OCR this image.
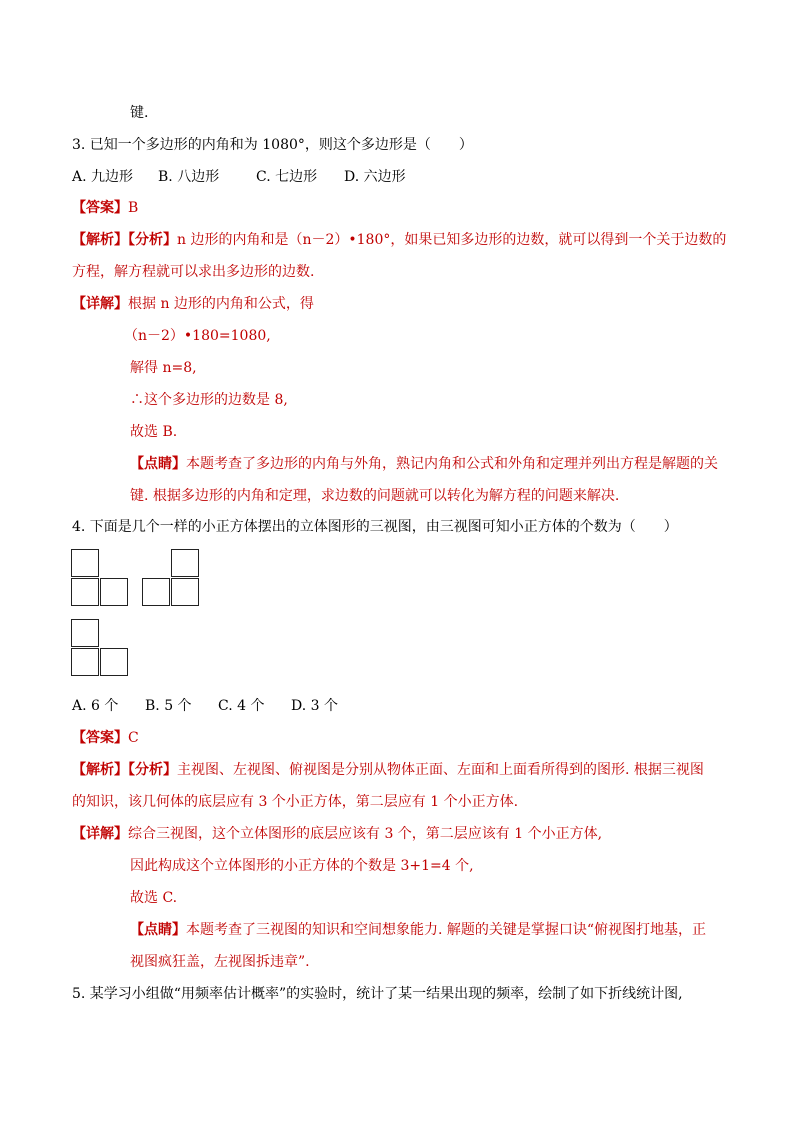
键.
3. 已知一个多边形的内角和为 1080°，则这个多边形是（　　）
A. 九边形 B. 八边形	C. 七边形 D. 六边形
【答案】B
【解析】【分析】n 边形的内角和是（n－2）•180°，如果已知多边形的边数，就可以得到一个关于边数的
方程，解方程就可以求出多边形的边数.
【详解】根据 n 边形的内角和公式，得
（n－2）•180=1080,
解得 n=8,
∴这个多边形的边数是 8,
故选 B.
【点睛】本题考查了多边形的内角与外角，熟记内角和公式和外角和定理并列出方程是解题的关
键. 根据多边形的内角和定理，求边数的问题就可以转化为解方程的问题来解决.
4. 下面是几个一样的小正方体摆出的立体图形的三视图，由三视图可知小正方体的个数为（　　）
A. 6 个 B. 5 个 C. 4 个 D. 3 个
【答案】C
【解析】【分析】主视图、左视图、俯视图是分别从物体正面、左面和上面看所得到的图形. 根据三视图
的知识，该几何体的底层应有 3 个小正方体，第二层应有 1 个小正方体.
【详解】综合三视图，这个立体图形的底层应该有 3 个，第二层应该有 1 个小正方体,
因此构成这个立体图形的小正方体的个数是 3+1=4 个,
故选 C.
【点睛】本题考查了三视图的知识和空间想象能力. 解题的关键是掌握口诀“俯视图打地基，正
视图疯狂盖，左视图拆违章”.
5. 某学习小组做“用频率估计概率”的实验时，统计了某一结果出现的频率，绘制了如下折线统计图,
